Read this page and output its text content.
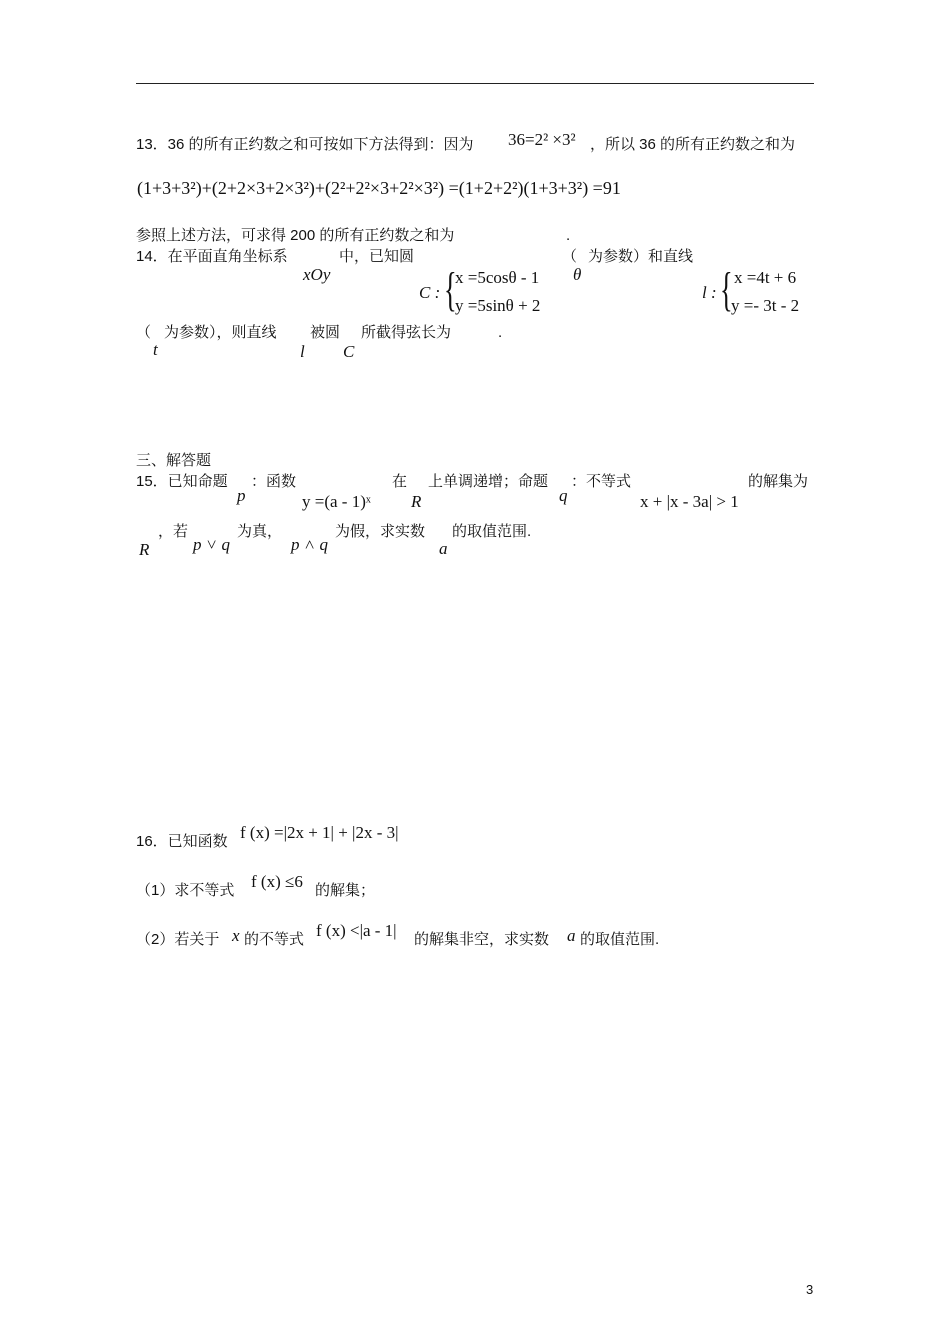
13．36 的所有正约数之和可按如下方法得到：因为 36=2² ×3² ，所以 36 的所有正约数之和为
(1+3+3²)+(2+2×3+2×3²)+(2²+2²×3+2²×3²) =(1+2+2²)(1+3+3²) =91
参照上述方法，可求得 200 的所有正约数之和为	.
14．在平面直角坐标系
xOy
中，已知圆	（
θ
为参数）和直线
C : {
x =5cosθ - 1
y =5sinθ + 2
l : { x =4t + 6
y =- 3t - 2
（
t
为参数），则直线
l
被圆
C
所截得弦长为	.
三、解答题
15．已知命题
p
：函数
y =(a - 1)ˣ
在
R
上单调递增；命题
q
：不等式
x + |x - 3a| > 1
的解集为
R
，若
p ˅ q
为真，
p ˄ q
为假，求实数
a
的取值范围.
16．已知函数 f (x) =|2x + 1| + |2x - 3|
（1）求不等式 f (x) ≤6 的解集；
（2）若关于 x 的不等式 f (x) <|a - 1| 的解集非空，求实数 a 的取值范围.
3
